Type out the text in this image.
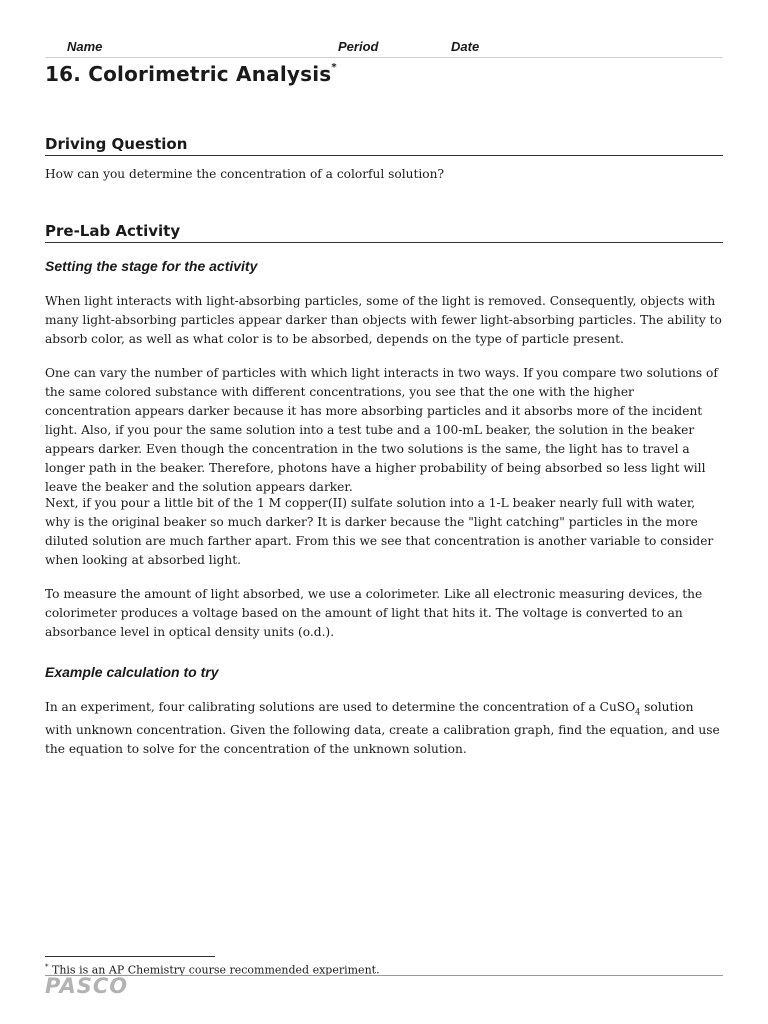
Name	Period	Date
16. Colorimetric Analysis*
Driving Question

How can you determine the concentration of a colorful solution?

Pre-Lab Activity
Setting the stage for the activity

When light interacts with light-absorbing particles, some of the light is removed. Consequently, objects with many light-absorbing particles appear darker than objects with fewer light-absorbing particles. The ability to absorb color, as well as what color is to be absorbed, depends on the type of particle present.

One can vary the number of particles with which light interacts in two ways. If you compare two solutions of the same colored substance with different concentrations, you see that the one with the higher concentration appears darker because it has more absorbing particles and it absorbs more of the incident light. Also, if you pour the same solution into a test tube and a 100-mL beaker, the solution in the beaker appears darker. Even though the concentration in the two solutions is the same, the light has to travel a longer path in the beaker. Therefore, photons have a higher probability of being absorbed so less light will leave the beaker and the solution appears darker.

Next, if you pour a little bit of the 1 M copper(II) sulfate solution into a 1-L beaker nearly full with water, why is the original beaker so much darker? It is darker because the "light catching" particles in the more diluted solution are much farther apart. From this we see that concentration is another variable to consider when looking at absorbed light.

To measure the amount of light absorbed, we use a colorimeter. Like all electronic measuring devices, the colorimeter produces a voltage based on the amount of light that hits it. The voltage is converted to an absorbance level in optical density units (o.d.).

Example calculation to try

In an experiment, four calibrating solutions are used to determine the concentration of a CuSO$_4$ solution with unknown concentration. Given the following data, create a calibration graph, find the equation, and use the equation to solve for the concentration of the unknown solution.

* This is an AP Chemistry course recommended experiment.

PASCO
